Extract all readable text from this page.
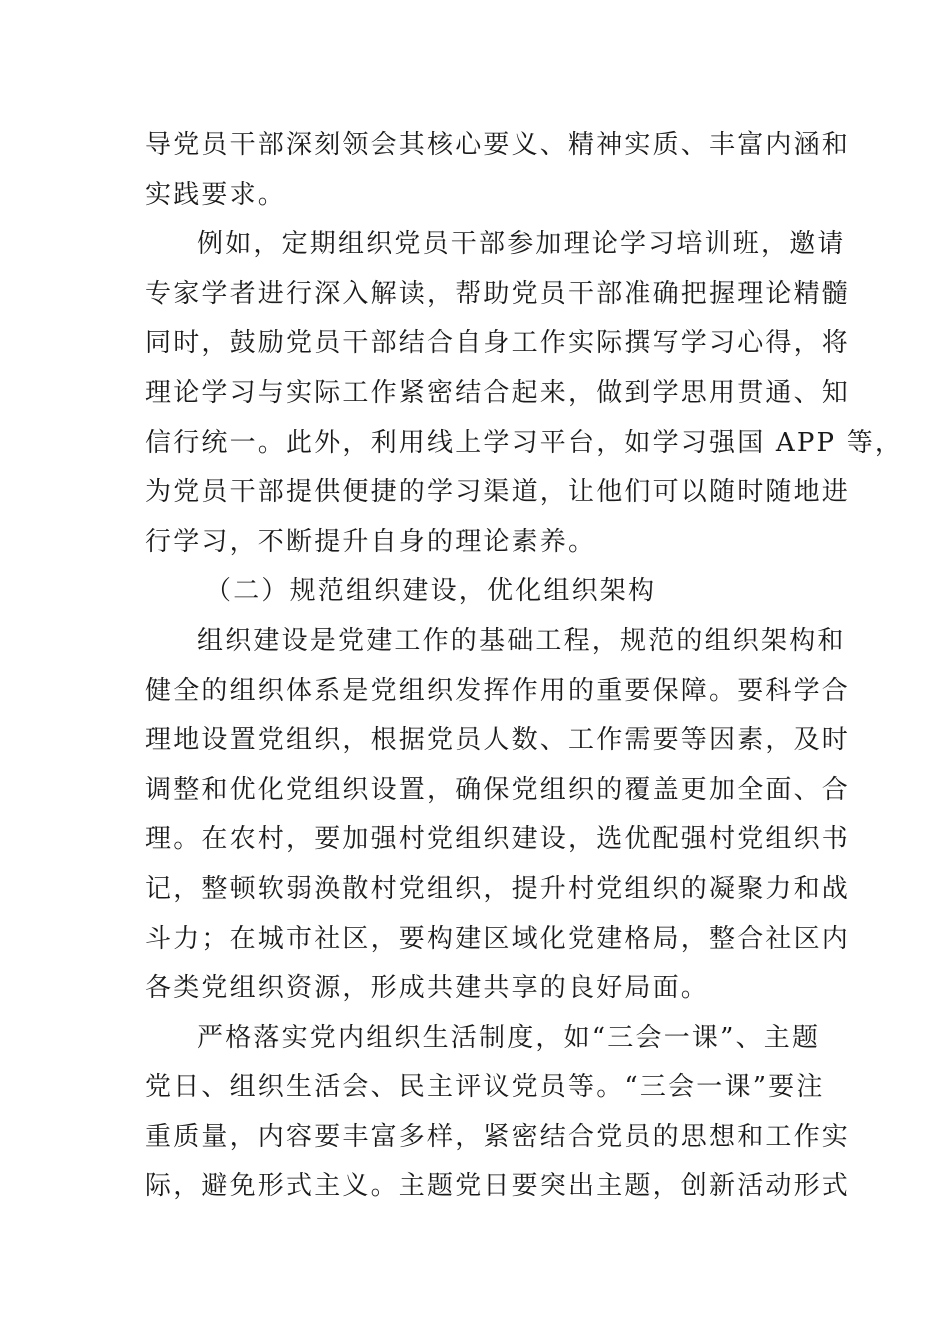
导党员干部深刻领会其核心要义、精神实质、丰富内涵和
实践要求。
例如，定期组织党员干部参加理论学习培训班，邀请
专家学者进行深入解读，帮助党员干部准确把握理论精髓
同时，鼓励党员干部结合自身工作实际撰写学习心得，将
理论学习与实际工作紧密结合起来，做到学思用贯通、知
信行统一。此外，利用线上学习平台，如学习强国 APP 等，
为党员干部提供便捷的学习渠道，让他们可以随时随地进
行学习，不断提升自身的理论素养。
（二）规范组织建设，优化组织架构
组织建设是党建工作的基础工程，规范的组织架构和
健全的组织体系是党组织发挥作用的重要保障。要科学合
理地设置党组织，根据党员人数、工作需要等因素，及时
调整和优化党组织设置，确保党组织的覆盖更加全面、合
理。在农村，要加强村党组织建设，选优配强村党组织书
记，整顿软弱涣散村党组织，提升村党组织的凝聚力和战
斗力；在城市社区，要构建区域化党建格局，整合社区内
各类党组织资源，形成共建共享的良好局面。
严格落实党内组织生活制度，如“三会一课”、主题
党日、组织生活会、民主评议党员等。“三会一课”要注
重质量，内容要丰富多样，紧密结合党员的思想和工作实
际，避免形式主义。主题党日要突出主题，创新活动形式
